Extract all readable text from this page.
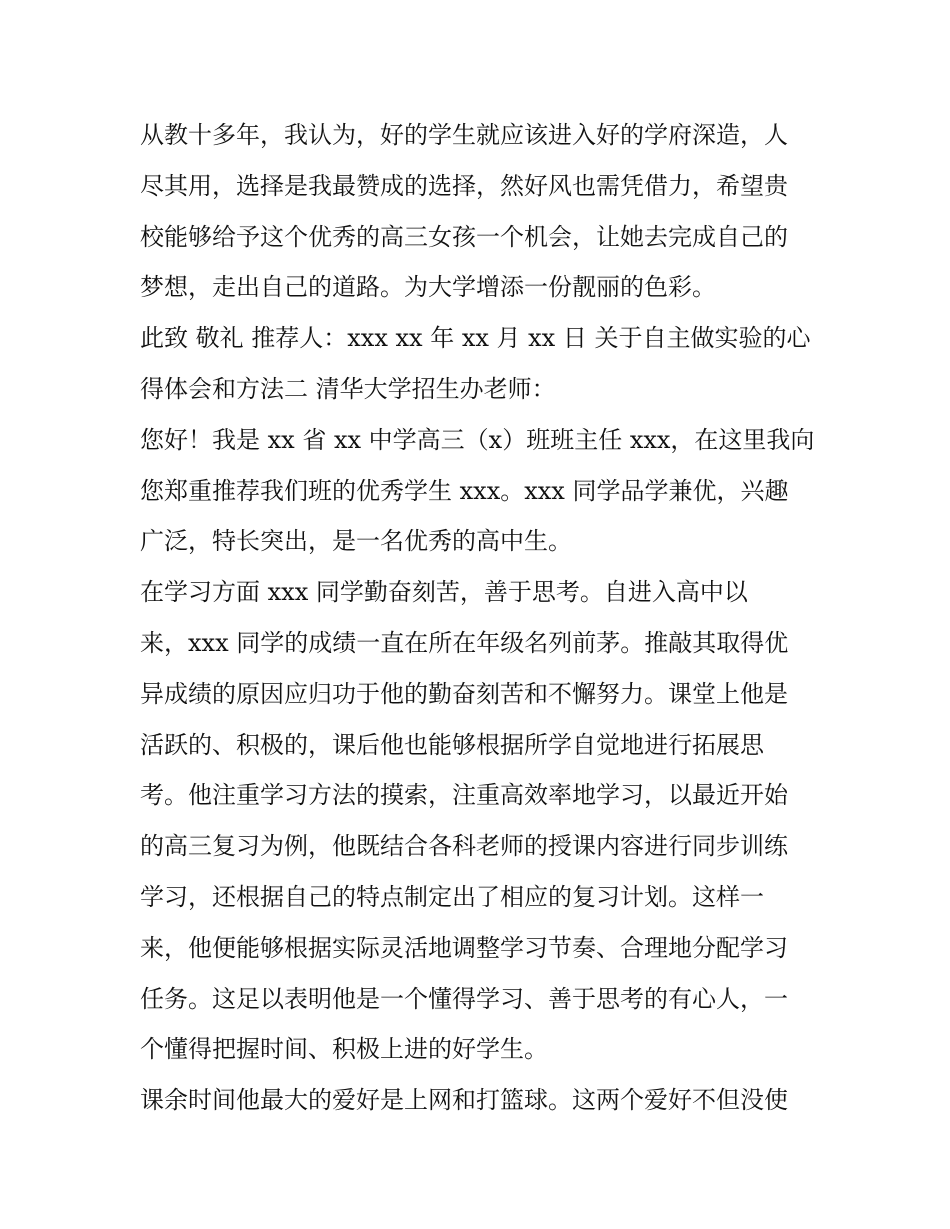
从教十多年，我认为，好的学生就应该进入好的学府深造，人
尽其用，选择是我最赞成的选择，然好风也需凭借力，希望贵
校能够给予这个优秀的高三女孩一个机会，让她去完成自己的
梦想，走出自己的道路。为大学增添一份靓丽的色彩。

此致 敬礼 推荐人：xxx xx 年 xx 月 xx 日 关于自主做实验的心
得体会和方法二 清华大学招生办老师：

您好！我是 xx 省 xx 中学高三（x）班班主任 xxx，在这里我向
您郑重推荐我们班的优秀学生 xxx。xxx 同学品学兼优，兴趣
广泛，特长突出，是一名优秀的高中生。

在学习方面 xxx 同学勤奋刻苦，善于思考。自进入高中以
来，xxx 同学的成绩一直在所在年级名列前茅。推敲其取得优
异成绩的原因应归功于他的勤奋刻苦和不懈努力。课堂上他是
活跃的、积极的，课后他也能够根据所学自觉地进行拓展思
考。他注重学习方法的摸索，注重高效率地学习，以最近开始
的高三复习为例，他既结合各科老师的授课内容进行同步训练
学习，还根据自己的特点制定出了相应的复习计划。这样一
来，他便能够根据实际灵活地调整学习节奏、合理地分配学习
任务。这足以表明他是一个懂得学习、善于思考的有心人，一
个懂得把握时间、积极上进的好学生。

课余时间他最大的爱好是上网和打篮球。这两个爱好不但没使
